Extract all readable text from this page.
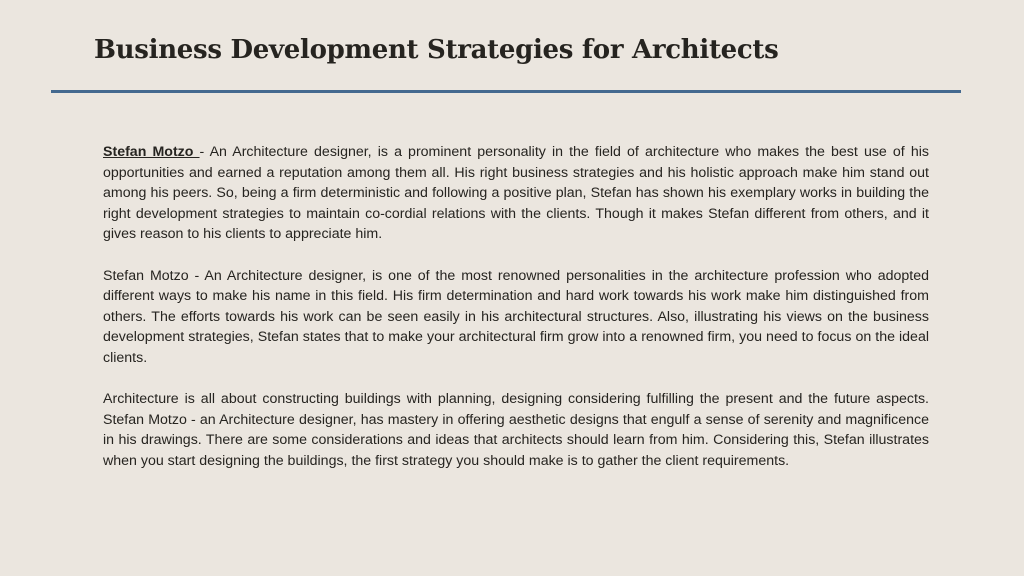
Business Development Strategies for Architects

Stefan Motzo - An Architecture designer, is a prominent personality in the field of architecture who makes the best use of his opportunities and earned a reputation among them all. His right business strategies and his holistic approach make him stand out among his peers. So, being a firm deterministic and following a positive plan, Stefan has shown his exemplary works in building the right development strategies to maintain co-cordial relations with the clients. Though it makes Stefan different from others, and it gives reason to his clients to appreciate him.

Stefan Motzo - An Architecture designer, is one of the most renowned personalities in the architecture profession who adopted different ways to make his name in this field. His firm determination and hard work towards his work make him distinguished from others. The efforts towards his work can be seen easily in his architectural structures. Also, illustrating his views on the business development strategies, Stefan states that to make your architectural firm grow into a renowned firm, you need to focus on the ideal clients.

Architecture is all about constructing buildings with planning, designing considering fulfilling the present and the future aspects. Stefan Motzo - an Architecture designer, has mastery in offering aesthetic designs that engulf a sense of serenity and magnificence in his drawings. There are some considerations and ideas that architects should learn from him. Considering this, Stefan illustrates when you start designing the buildings, the first strategy you should make is to gather the client requirements.
